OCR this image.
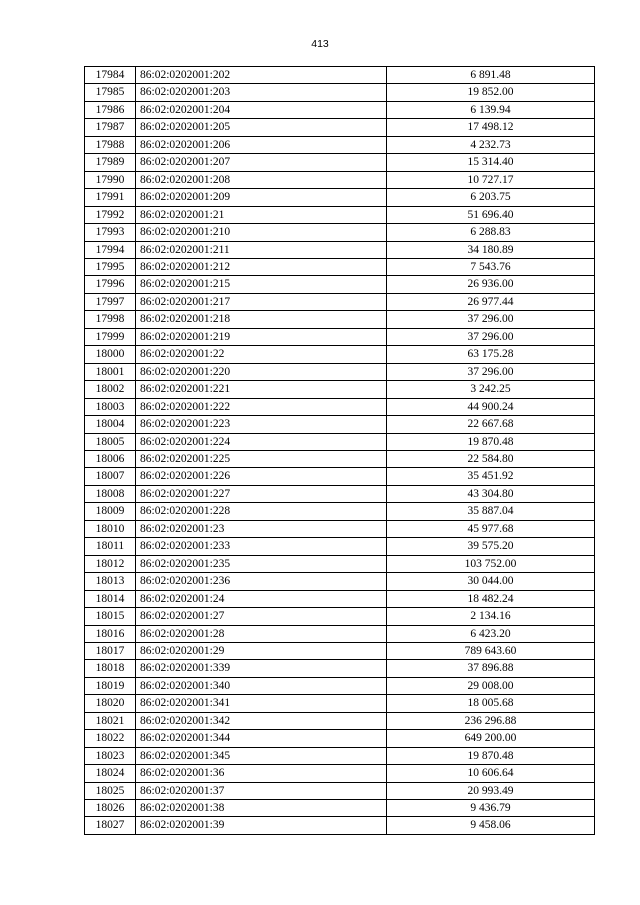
413
17984	86:02:0202001:202	6 891.48
17985	86:02:0202001:203	19 852.00
17986	86:02:0202001:204	6 139.94
17987	86:02:0202001:205	17 498.12
17988	86:02:0202001:206	4 232.73
17989	86:02:0202001:207	15 314.40
17990	86:02:0202001:208	10 727.17
17991	86:02:0202001:209	6 203.75
17992	86:02:0202001:21	51 696.40
17993	86:02:0202001:210	6 288.83
17994	86:02:0202001:211	34 180.89
17995	86:02:0202001:212	7 543.76
17996	86:02:0202001:215	26 936.00
17997	86:02:0202001:217	26 977.44
17998	86:02:0202001:218	37 296.00
17999	86:02:0202001:219	37 296.00
18000	86:02:0202001:22	63 175.28
18001	86:02:0202001:220	37 296.00
18002	86:02:0202001:221	3 242.25
18003	86:02:0202001:222	44 900.24
18004	86:02:0202001:223	22 667.68
18005	86:02:0202001:224	19 870.48
18006	86:02:0202001:225	22 584.80
18007	86:02:0202001:226	35 451.92
18008	86:02:0202001:227	43 304.80
18009	86:02:0202001:228	35 887.04
18010	86:02:0202001:23	45 977.68
18011	86:02:0202001:233	39 575.20
18012	86:02:0202001:235	103 752.00
18013	86:02:0202001:236	30 044.00
18014	86:02:0202001:24	18 482.24
18015	86:02:0202001:27	2 134.16
18016	86:02:0202001:28	6 423.20
18017	86:02:0202001:29	789 643.60
18018	86:02:0202001:339	37 896.88
18019	86:02:0202001:340	29 008.00
18020	86:02:0202001:341	18 005.68
18021	86:02:0202001:342	236 296.88
18022	86:02:0202001:344	649 200.00
18023	86:02:0202001:345	19 870.48
18024	86:02:0202001:36	10 606.64
18025	86:02:0202001:37	20 993.49
18026	86:02:0202001:38	9 436.79
18027	86:02:0202001:39	9 458.06
